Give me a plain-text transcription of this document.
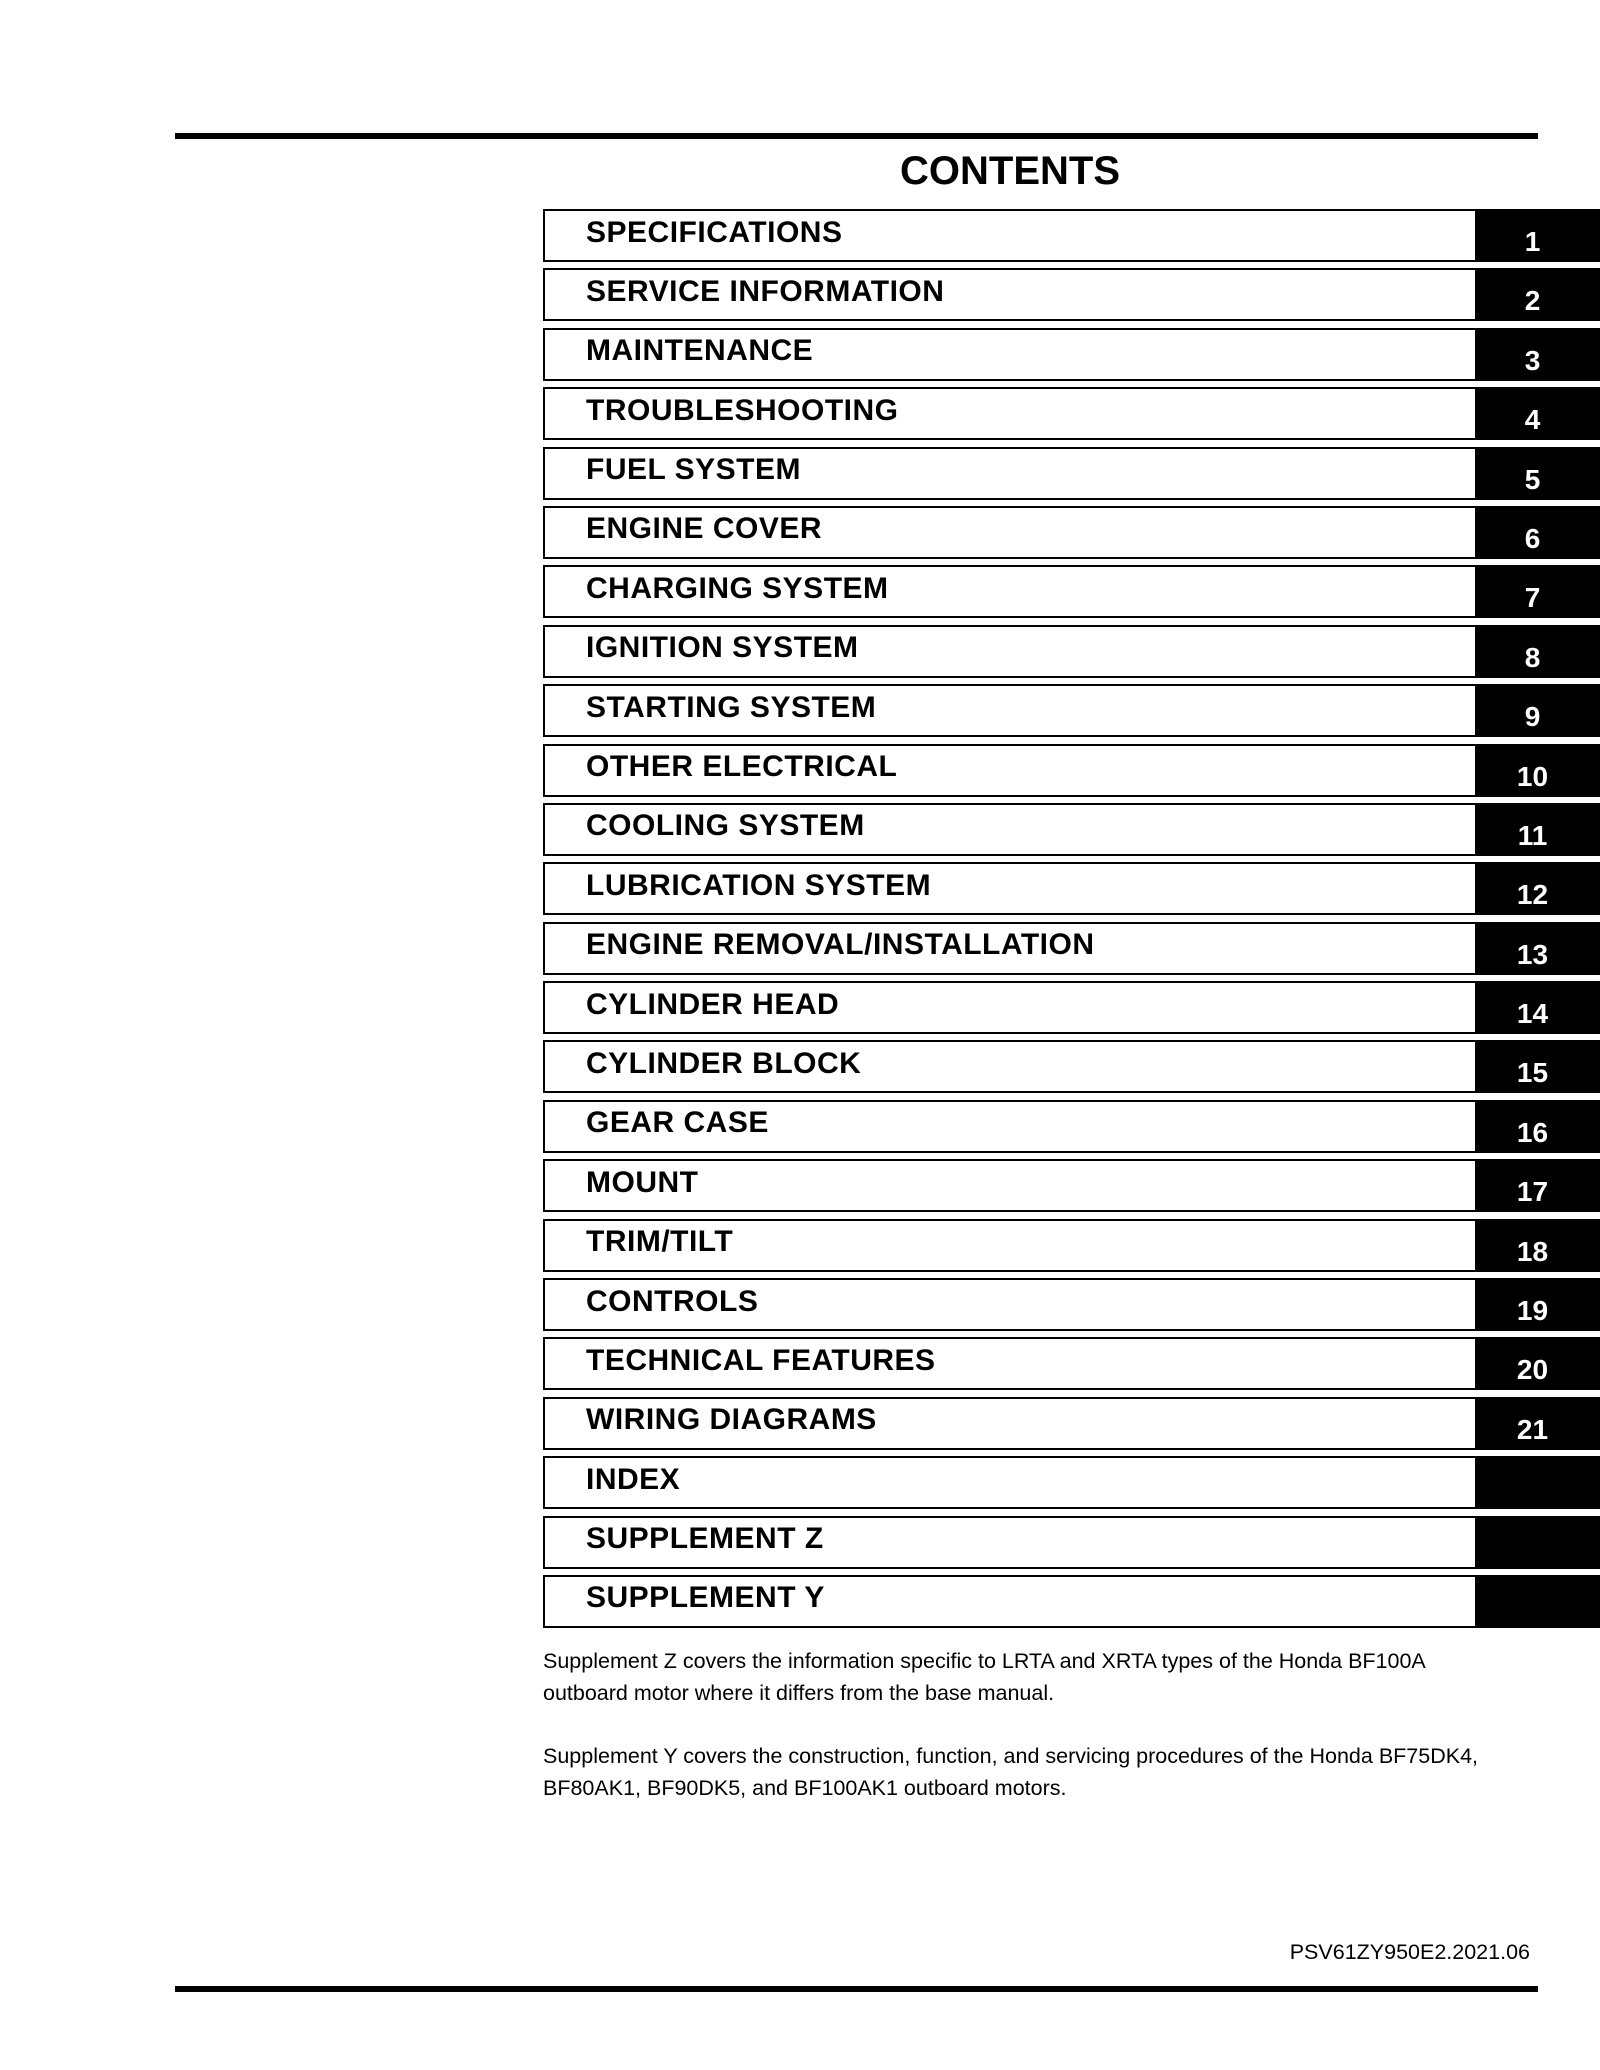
CONTENTS
SPECIFICATIONS	1
SERVICE INFORMATION	2
MAINTENANCE	3
TROUBLESHOOTING	4
FUEL SYSTEM	5
ENGINE COVER	6
CHARGING SYSTEM	7
IGNITION SYSTEM	8
STARTING SYSTEM	9
OTHER ELECTRICAL	10
COOLING SYSTEM	11
LUBRICATION SYSTEM	12
ENGINE REMOVAL/INSTALLATION	13
CYLINDER HEAD	14
CYLINDER BLOCK	15
GEAR CASE	16
MOUNT	17
TRIM/TILT	18
CONTROLS	19
TECHNICAL FEATURES	20
WIRING DIAGRAMS	21
INDEX
SUPPLEMENT Z
SUPPLEMENT Y

Supplement Z covers the information specific to LRTA and XRTA types of the Honda BF100A outboard motor where it differs from the base manual.

Supplement Y covers the construction, function, and servicing procedures of the Honda BF75DK4, BF80AK1, BF90DK5, and BF100AK1 outboard motors.

PSV61ZY950E2.2021.06
